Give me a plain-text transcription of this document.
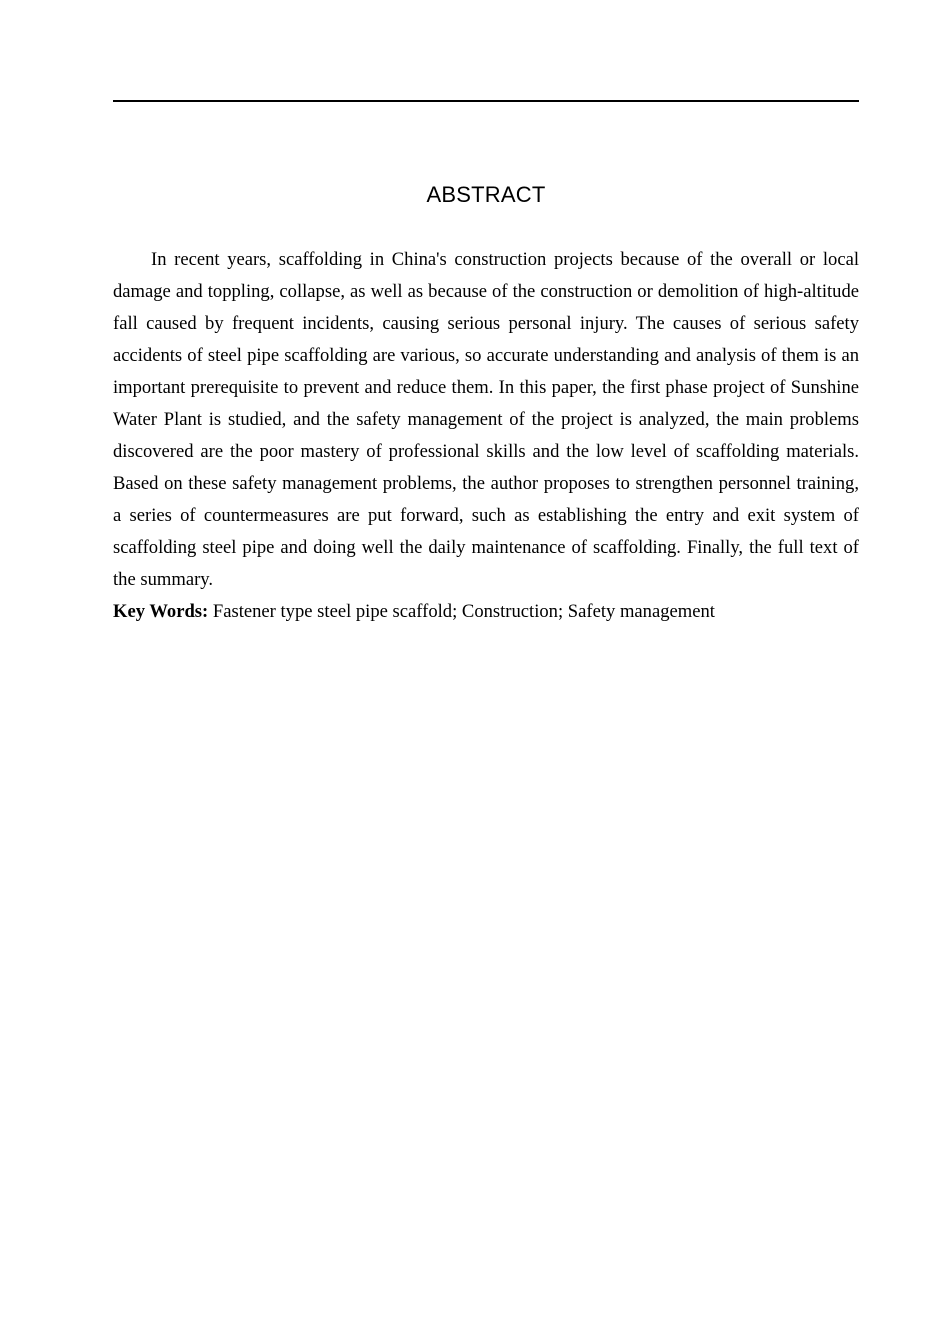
ABSTRACT

In recent years, scaffolding in China's construction projects because of the overall or local damage and toppling, collapse, as well as because of the construction or demolition of high-altitude fall caused by frequent incidents, causing serious personal injury. The causes of serious safety accidents of steel pipe scaffolding are various, so accurate understanding and analysis of them is an important prerequisite to prevent and reduce them. In this paper, the first phase project of Sunshine Water Plant is studied, and the safety management of the project is analyzed, the main problems discovered are the poor mastery of professional skills and the low level of scaffolding materials. Based on these safety management problems, the author proposes to strengthen personnel training, a series of countermeasures are put forward, such as establishing the entry and exit system of scaffolding steel pipe and doing well the daily maintenance of scaffolding. Finally, the full text of the summary.

Key Words: Fastener type steel pipe scaffold; Construction; Safety management
